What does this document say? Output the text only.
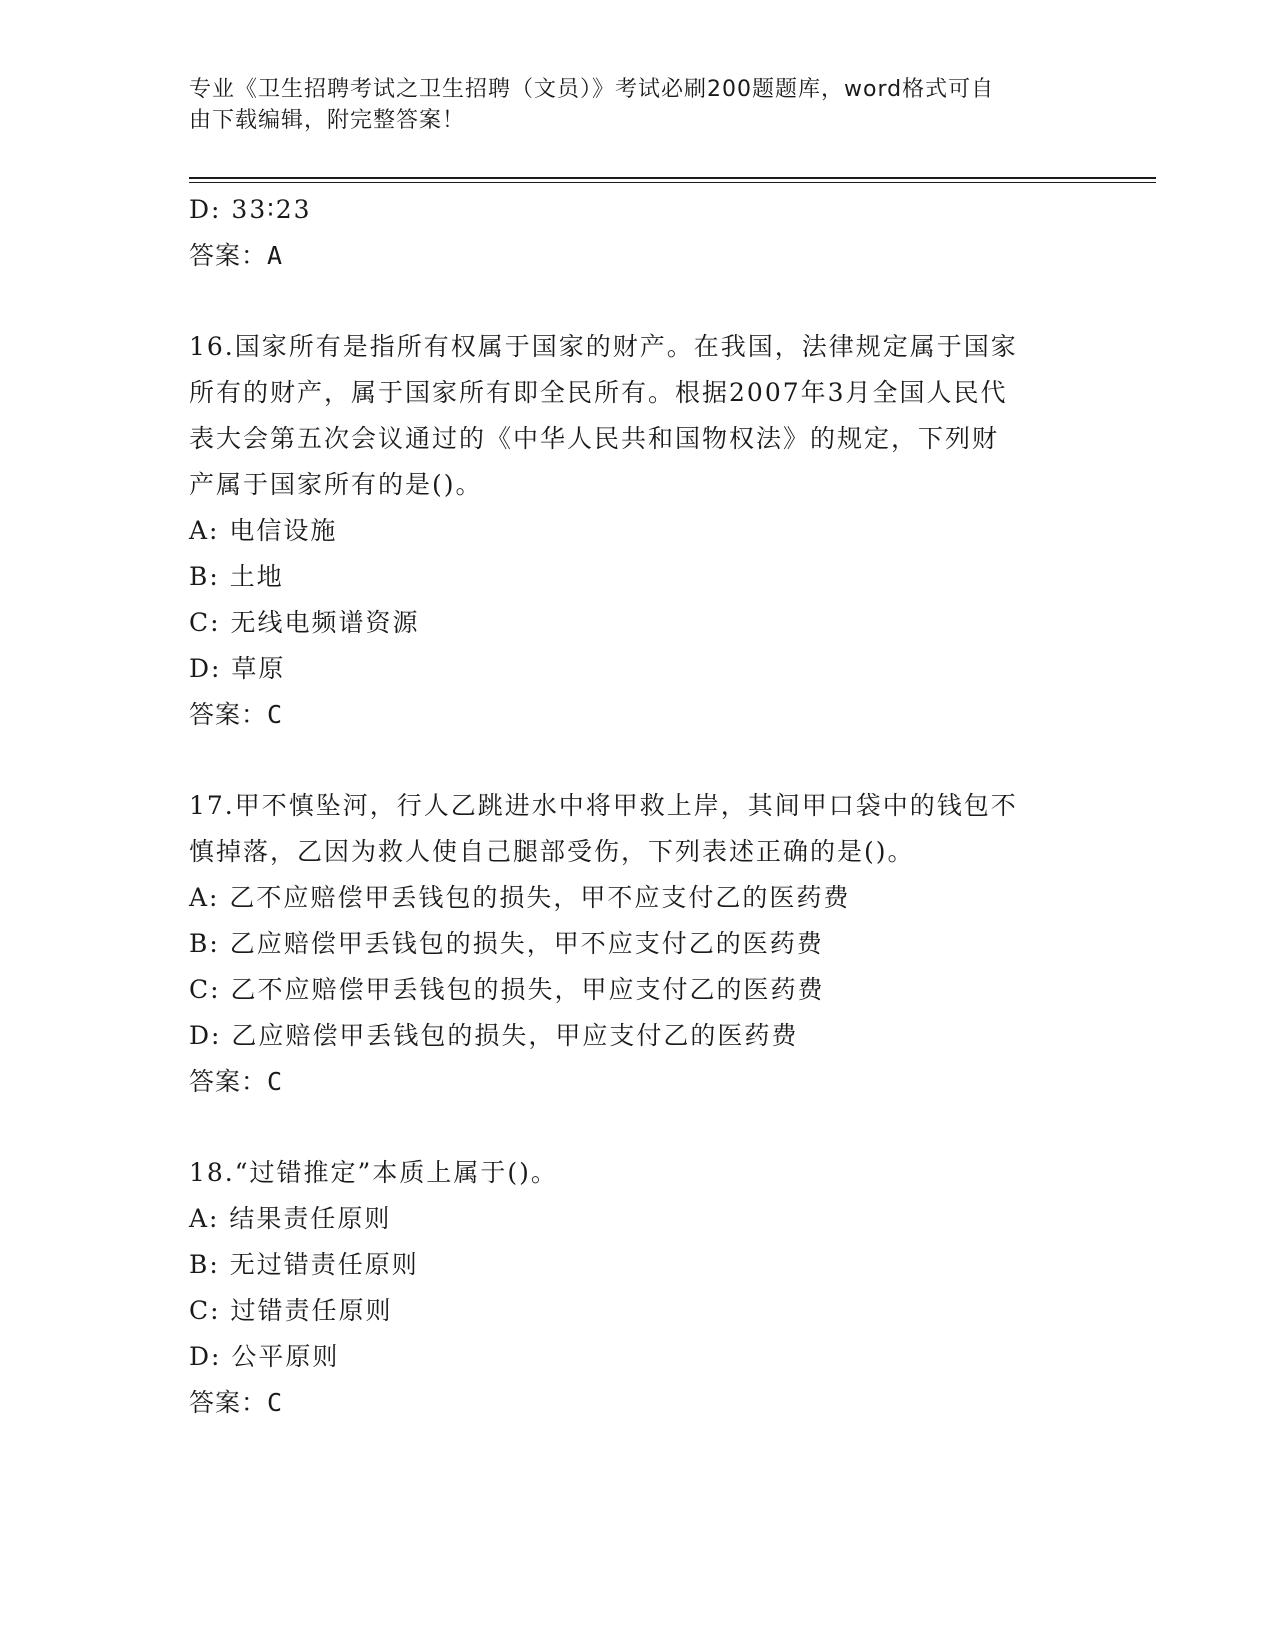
专业《卫生招聘考试之卫生招聘（文员）》考试必刷200题题库，word格式可自
由下载编辑，附完整答案！
D: 33∶23
答案：A
16.国家所有是指所有权属于国家的财产。在我国，法律规定属于国家
所有的财产，属于国家所有即全民所有。根据2007年3月全国人民代
表大会第五次会议通过的《中华人民共和国物权法》的规定，下列财
产属于国家所有的是()。
A: 电信设施
B: 土地
C: 无线电频谱资源
D: 草原
答案：C
17.甲不慎坠河，行人乙跳进水中将甲救上岸，其间甲口袋中的钱包不
慎掉落，乙因为救人使自己腿部受伤，下列表述正确的是()。
A: 乙不应赔偿甲丢钱包的损失，甲不应支付乙的医药费
B: 乙应赔偿甲丢钱包的损失，甲不应支付乙的医药费
C: 乙不应赔偿甲丢钱包的损失，甲应支付乙的医药费
D: 乙应赔偿甲丢钱包的损失，甲应支付乙的医药费
答案：C
18.“过错推定”本质上属于()。
A: 结果责任原则
B: 无过错责任原则
C: 过错责任原则
D: 公平原则
答案：C
